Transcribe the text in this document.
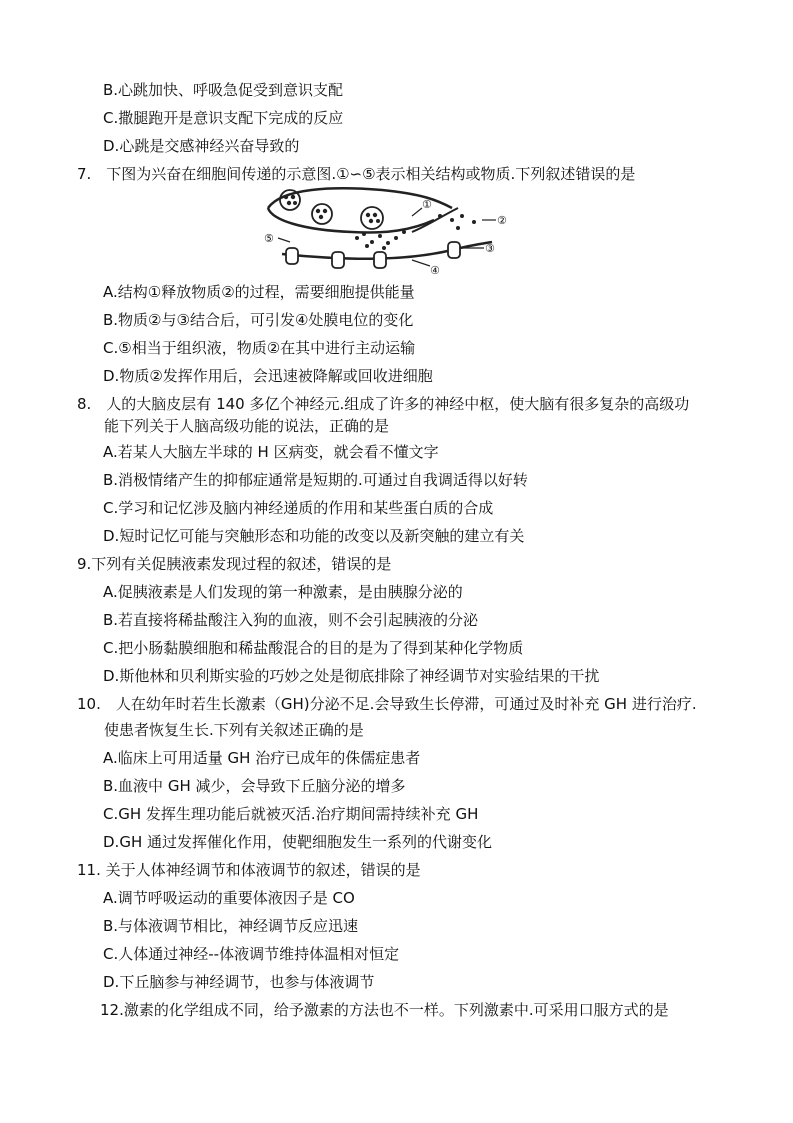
B.心跳加快、呼吸急促受到意识支配
C.撒腿跑开是意识支配下完成的反应
D.心跳是交感神经兴奋导致的
7.　下图为兴奋在细胞间传递的示意图.①∽⑤表示相关结构或物质.下列叙述错误的是
①
②
③
④
⑤
A.结构①释放物质②的过程，需要细胞提供能量
B.物质②与③结合后，可引发④处膜电位的变化
C.⑤相当于组织液，物质②在其中进行主动运输
D.物质②发挥作用后，会迅速被降解或回收进细胞
8.　人的大脑皮层有 140 多亿个神经元.组成了许多的神经中枢，使大脑有很多复杂的高级功
能下列关于人脑高级功能的说法，正确的是
A.若某人大脑左半球的 H 区病变，就会看不懂文字
B.消极情绪产生的抑郁症通常是短期的.可通过自我调适得以好转
C.学习和记忆涉及脑内神经递质的作用和某些蛋白质的合成
D.短时记忆可能与突触形态和功能的改变以及新突触的建立有关
9.下列有关促胰液素发现过程的叙述，错误的是
A.促胰液素是人们发现的第一种激素，是由胰腺分泌的
B.若直接将稀盐酸注入狗的血液，则不会引起胰液的分泌
C.把小肠黏膜细胞和稀盐酸混合的目的是为了得到某种化学物质
D.斯他林和贝利斯实验的巧妙之处是彻底排除了神经调节对实验结果的干扰
10.　人在幼年时若生长激素（GH)分泌不足.会导致生长停滞，可通过及时补充 GH 进行治疗.
使患者恢复生长.下列有关叙述正确的是
A.临床上可用适量 GH 治疗已成年的侏儒症患者
B.血液中 GH 减少，会导致下丘脑分泌的增多
C.GH 发挥生理功能后就被灭活.治疗期间需持续补充 GH
D.GH 通过发挥催化作用，使靶细胞发生一系列的代谢变化
11. 关于人体神经调节和体液调节的叙述，错误的是
A.调节呼吸运动的重要体液因子是 CO
B.与体液调节相比，神经调节反应迅速
C.人体通过神经--体液调节维持体温相对恒定
D.下丘脑参与神经调节，也参与体液调节
12.激素的化学组成不同，给予激素的方法也不一样。下列激素中.可采用口服方式的是
